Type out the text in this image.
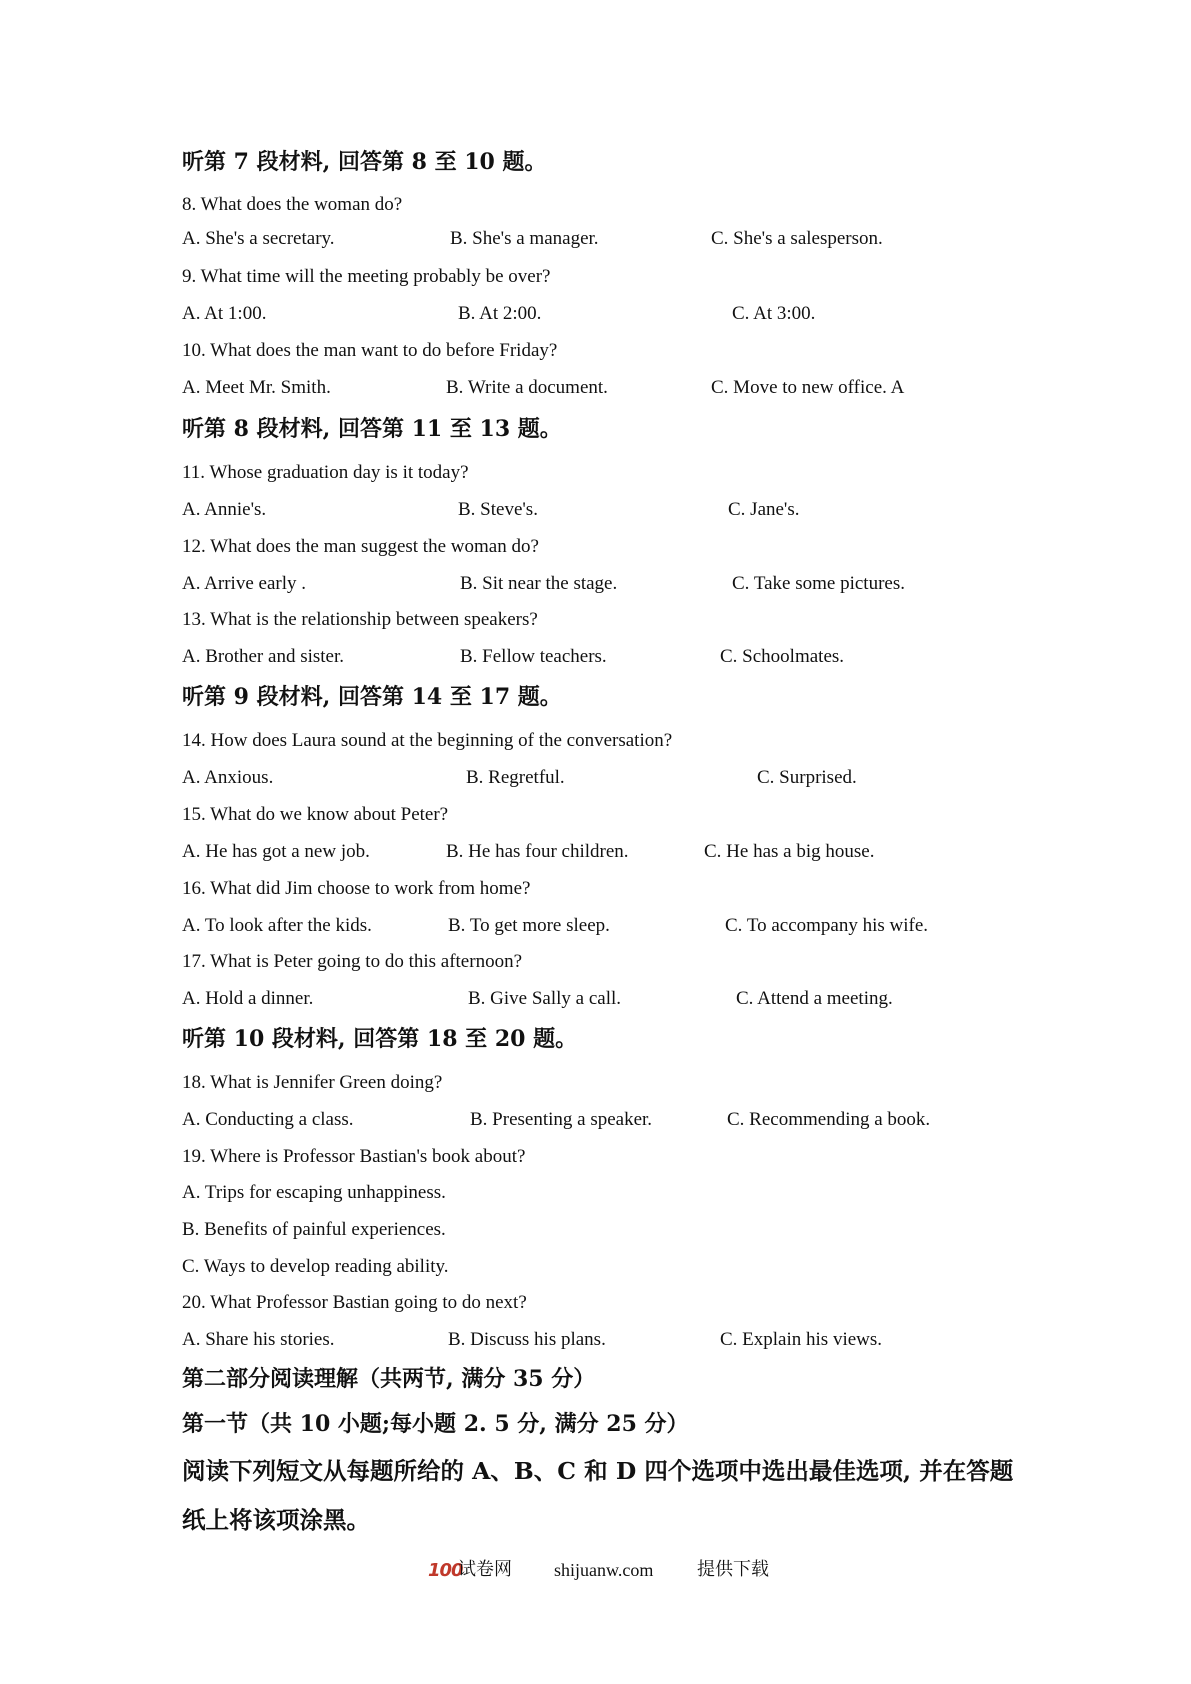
听第 7 段材料, 回答第 8 至 10 题。
8. What does the woman do?
A. She's a secretary.	B. She's a manager.	C. She's a salesperson.
9. What time will the meeting probably be over?
A. At 1:00.	B. At 2:00.	C. At 3:00.
10. What does the man want to do before Friday?
A. Meet Mr. Smith.	B. Write a document.	C. Move to new office. A
听第 8 段材料, 回答第 11 至 13 题。
11. Whose graduation day is it today?
A. Annie's.	B. Steve's.	C. Jane's.
12. What does the man suggest the woman do?
A. Arrive early .	B. Sit near the stage.	C. Take some pictures.
13. What is the relationship between speakers?
A. Brother and sister.	B. Fellow teachers.	C. Schoolmates.
听第 9 段材料, 回答第 14 至 17 题。
14. How does Laura sound at the beginning of the conversation?
A. Anxious.	B. Regretful.	C. Surprised.
15. What do we know about Peter?
A. He has got a new job.	B. He has four children.	C. He has a big house.
16. What did Jim choose to work from home?
A. To look after the kids.	B. To get more sleep.	C. To accompany his wife.
17. What is Peter going to do this afternoon?
A. Hold a dinner.	B. Give Sally a call.	C. Attend a meeting.
听第 10 段材料, 回答第 18 至 20 题。
18. What is Jennifer Green doing?
A. Conducting a class.	B. Presenting a speaker.	C. Recommending a book.
19. Where is Professor Bastian's book about?
A. Trips for escaping unhappiness.
B. Benefits of painful experiences.
C. Ways to develop reading ability.
20. What Professor Bastian going to do next?
A. Share his stories.	B. Discuss his plans.	C. Explain his views.
第二部分阅读理解（共两节, 满分 35 分）
第一节（共 10 小题;每小题 2. 5 分, 满分 25 分）
阅读下列短文从每题所给的 A、B、C 和 D 四个选项中选出最佳选项, 并在答题
纸上将该项涂黑。
100
试卷网 shijuanw.com 提供下载
